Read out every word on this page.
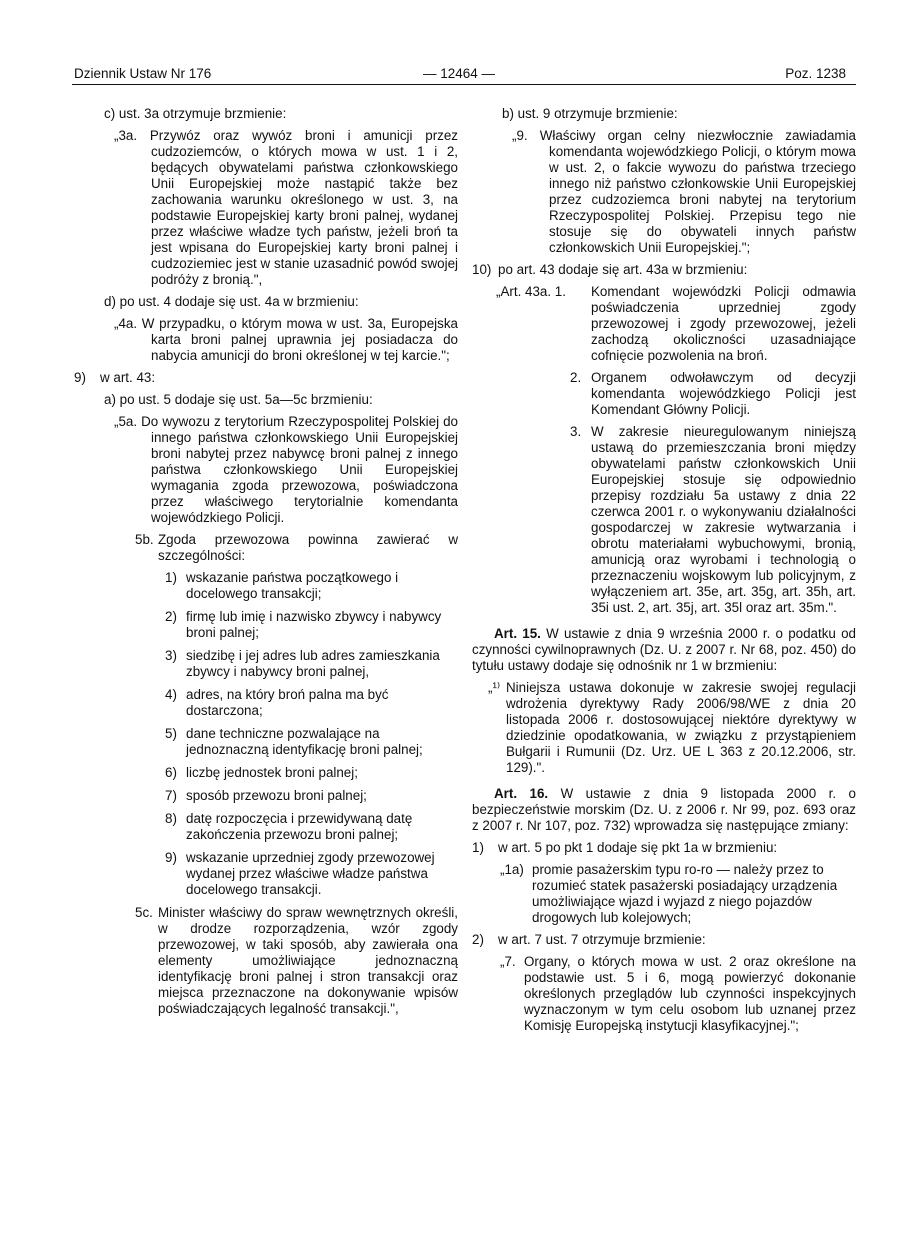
Dziennik Ustaw Nr 176	— 12464 —	Poz. 1238

c) ust. 3a otrzymuje brzmienie:

„3a. Przywóz oraz wywóz broni i amunicji przez cudzoziemców, o których mowa w ust. 1 i 2, będących obywatelami państwa członkowskiego Unii Europejskiej może nastąpić także bez zachowania warunku określonego w ust. 3, na podstawie Europejskiej karty broni palnej, wydanej przez właściwe władze tych państw, jeżeli broń ta jest wpisana do Europejskiej karty broni palnej i cudzoziemiec jest w stanie uzasadnić powód swojej podróży z bronią.",

d) po ust. 4 dodaje się ust. 4a w brzmieniu:

„4a. W przypadku, o którym mowa w ust. 3a, Europejska karta broni palnej uprawnia jej posiadacza do nabycia amunicji do broni określonej w tej karcie.";

9)	w art. 43:

a) po ust. 5 dodaje się ust. 5a—5c brzmieniu:

„5a. Do wywozu z terytorium Rzeczypospolitej Polskiej do innego państwa członkowskiego Unii Europejskiej broni nabytej przez nabywcę broni palnej z innego państwa członkowskiego Unii Europejskiej wymagania zgoda przewozowa, poświadczona przez właściwego terytorialnie komendanta wojewódzkiego Policji.

5b. Zgoda przewozowa powinna zawierać w szczególności:
1) wskazanie państwa początkowego i docelowego transakcji;
2) firmę lub imię i nazwisko zbywcy i nabywcy broni palnej;
3) siedzibę i jej adres lub adres zamieszkania zbywcy i nabywcy broni palnej,
4) adres, na który broń palna ma być dostarczona;
5) dane techniczne pozwalające na jednoznaczną identyfikację broni palnej;
6) liczbę jednostek broni palnej;
7) sposób przewozu broni palnej;
8) datę rozpoczęcia i przewidywaną datę zakończenia przewozu broni palnej;
9) wskazanie uprzedniej zgody przewozowej wydanej przez właściwe władze państwa docelowego transakcji.
5c. Minister właściwy do spraw wewnętrznych określi, w drodze rozporządzenia, wzór zgody przewozowej, w taki sposób, aby zawierała ona elementy umożliwiające jednoznaczną identyfikację broni palnej i stron transakcji oraz miejsca przeznaczone na dokonywanie wpisów poświadczających legalność transakcji.",

b) ust. 9 otrzymuje brzmienie:

„9. Właściwy organ celny niezwłocznie zawiadamia komendanta wojewódzkiego Policji, o którym mowa w ust. 2, o fakcie wywozu do państwa trzeciego innego niż państwo członkowskie Unii Europejskiej przez cudzoziemca broni nabytej na terytorium Rzeczypospolitej Polskiej. Przepisu tego nie stosuje się do obywateli innych państw członkowskich Unii Europejskiej.";

10) po art. 43 dodaje się art. 43a w brzmieniu:
„Art. 43a. 1.	Komendant wojewódzki Policji odmawia poświadczenia uprzedniej zgody przewozowej i zgody przewozowej, jeżeli zachodzą okoliczności uzasadniające cofnięcie pozwolenia na broń.
2. Organem odwoławczym od decyzji komendanta wojewódzkiego Policji jest Komendant Główny Policji.
3. W zakresie nieuregulowanym niniejszą ustawą do przemieszczania broni między obywatelami państw członkowskich Unii Europejskiej stosuje się odpowiednio przepisy rozdziału 5a ustawy z dnia 22 czerwca 2001 r. o wykonywaniu działalności gospodarczej w zakresie wytwarzania i obrotu materiałami wybuchowymi, bronią, amunicją oraz wyrobami i technologią o przeznaczeniu wojskowym lub policyjnym, z wyłączeniem art. 35e, art. 35g, art. 35h, art. 35i ust. 2, art. 35j, art. 35l oraz art. 35m.".

Art. 15. W ustawie z dnia 9 września 2000 r. o podatku od czynności cywilnoprawnych (Dz. U. z 2007 r. Nr 68, poz. 450) do tytułu ustawy dodaje się odnośnik nr 1 w brzmieniu:

„¹⁾ Niniejsza ustawa dokonuje w zakresie swojej regulacji wdrożenia dyrektywy Rady 2006/98/WE z dnia 20 listopada 2006 r. dostosowującej niektóre dyrektywy w dziedzinie opodatkowania, w związku z przystąpieniem Bułgarii i Rumunii (Dz. Urz. UE L 363 z 20.12.2006, str. 129).".

Art. 16. W ustawie z dnia 9 listopada 2000 r. o bezpieczeństwie morskim (Dz. U. z 2006 r. Nr 99, poz. 693 oraz z 2007 r. Nr 107, poz. 732) wprowadza się następujące zmiany:

1)	w art. 5 po pkt 1 dodaje się pkt 1a w brzmieniu:
„1a) promie pasażerskim typu ro-ro — należy przez to rozumieć statek pasażerski posiadający urządzenia umożliwiające wjazd i wyjazd z niego pojazdów drogowych lub kolejowych;
2)	w art. 7 ust. 7 otrzymuje brzmienie:
„7. Organy, o których mowa w ust. 2 oraz określone na podstawie ust. 5 i 6, mogą powierzyć dokonanie określonych przeglądów lub czynności inspekcyjnych wyznaczonym w tym celu osobom lub uznanej przez Komisję Europejską instytucji klasyfikacyjnej.";
